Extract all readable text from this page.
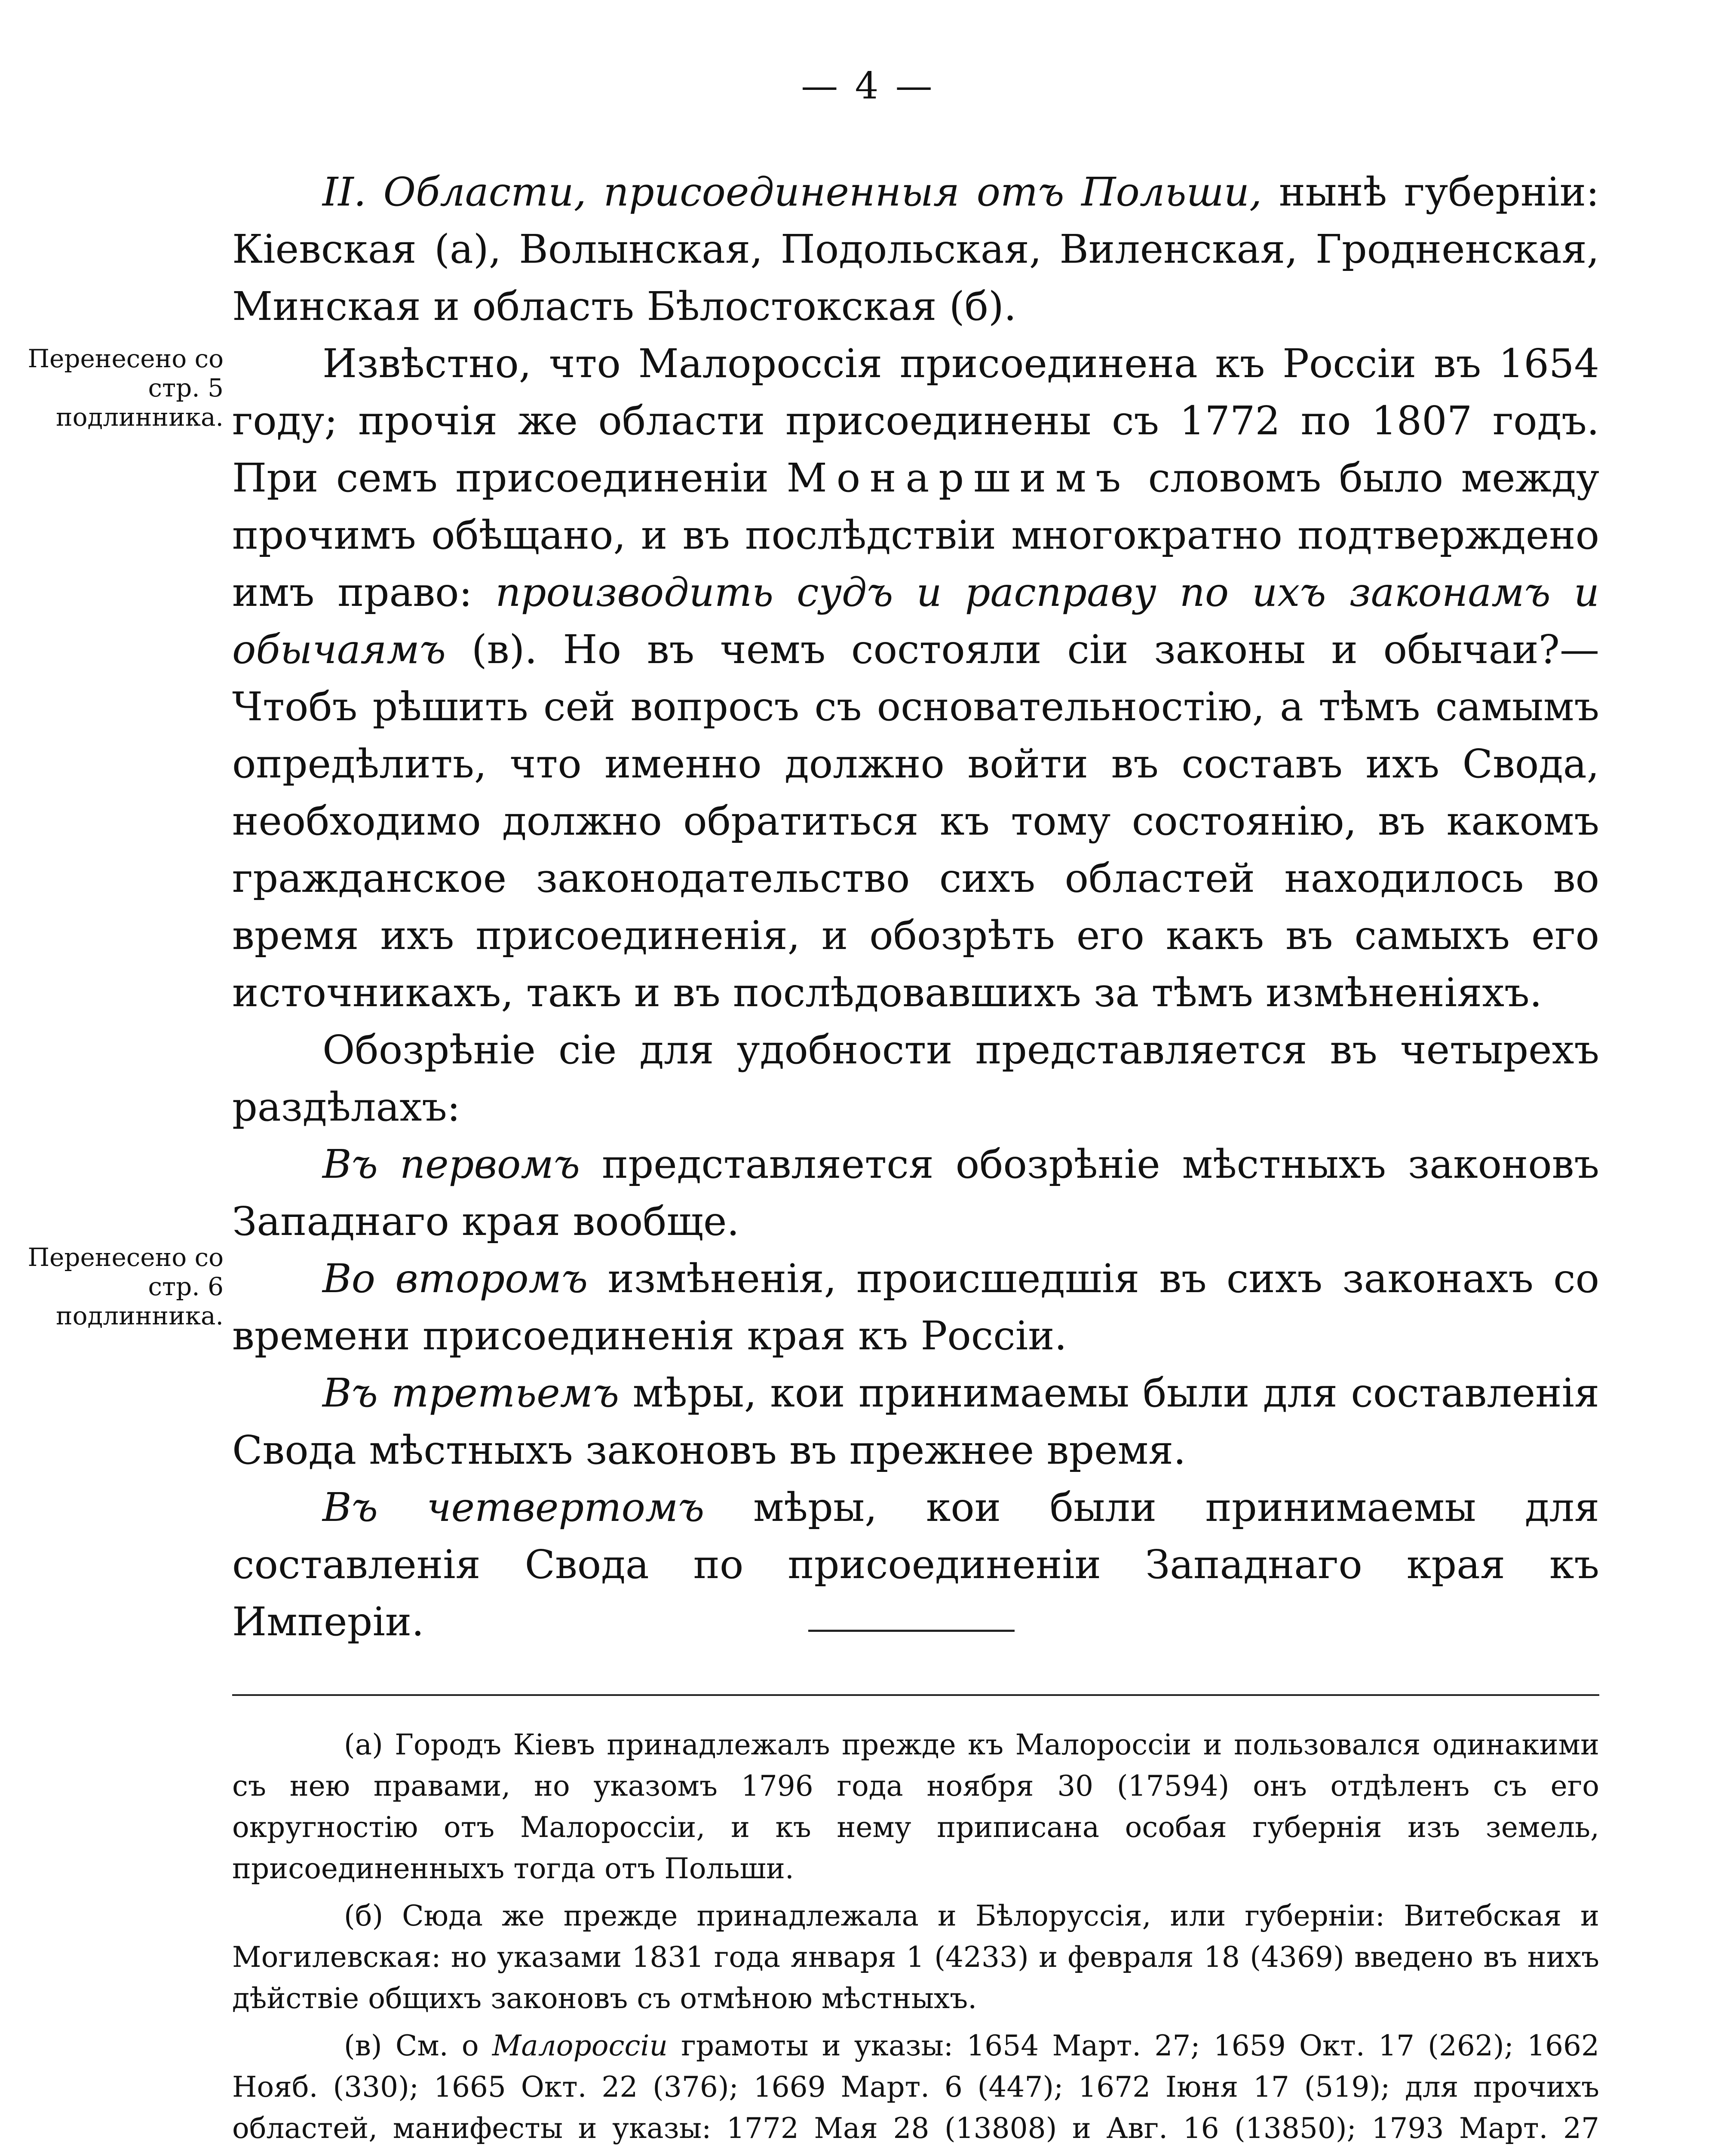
— 4 —
Перенесено со стр. 5 подлинника.
Перенесено со стр. 6 подлинника.

II. Области, присоединенныя отъ Польши, нынѣ губерніи: Кіевская (а), Волынская, Подольская, Виленская, Гродненская, Минская и область Бѣлостокская (б).

Извѣстно, что Малороссія присоединена къ Россіи въ 1654 году; прочія же области присоединены съ 1772 по 1807 годъ. При семъ присоединеніи Монаршимъ словомъ было между прочимъ обѣщано, и въ послѣдствіи многократно подтверждено имъ право: производить судъ и расправу по ихъ законамъ и обычаямъ (в). Но въ чемъ состояли сіи законы и обычаи?— Чтобъ рѣшить сей вопросъ съ основательностію, а тѣмъ самымъ опредѣлить, что именно должно войти въ составъ ихъ Свода, необходимо должно обратиться къ тому состоянію, въ какомъ гражданское законодательство сихъ областей находилось во время ихъ присоединенія, и обозрѣть его какъ въ самыхъ его источникахъ, такъ и въ послѣдовавшихъ за тѣмъ измѣненіяхъ.

Обозрѣніе сіе для удобности представляется въ четырехъ раздѣлахъ:

Въ первомъ представляется обозрѣніе мѣстныхъ законовъ Западнаго края вообще.

Во второмъ измѣненія, происшедшія въ сихъ законахъ со времени присоединенія края къ Россіи.

Въ третьемъ мѣры, кои принимаемы были для составленія Свода мѣстныхъ законовъ въ прежнее время.

Въ четвертомъ мѣры, кои были принимаемы для составленія Свода по присоединеніи Западнаго края къ Имперіи.

(а) Городъ Кіевъ принадлежалъ прежде къ Малороссіи и пользовался одинакими съ нею правами, но указомъ 1796 года ноября 30 (17594) онъ отдѣленъ съ его округностію отъ Малороссіи, и къ нему приписана особая губернія изъ земель, присоединенныхъ тогда отъ Польши.

(б) Сюда же прежде принадлежала и Бѣлоруссія, или губерніи: Витебская и Могилевская: но указами 1831 года января 1 (4233) и февраля 18 (4369) введено въ нихъ дѣйствіе общихъ законовъ съ отмѣною мѣстныхъ.

(в) См. о Малороссіи грамоты и указы: 1654 Март. 27; 1659 Окт. 17 (262); 1662 Нояб. (330); 1665 Окт. 22 (376); 1669 Март. 6 (447); 1672 Іюня 17 (519); для прочихъ областей, манифесты и указы: 1772 Мая 28 (13808) и Авг. 16 (13850); 1793 Март. 27
